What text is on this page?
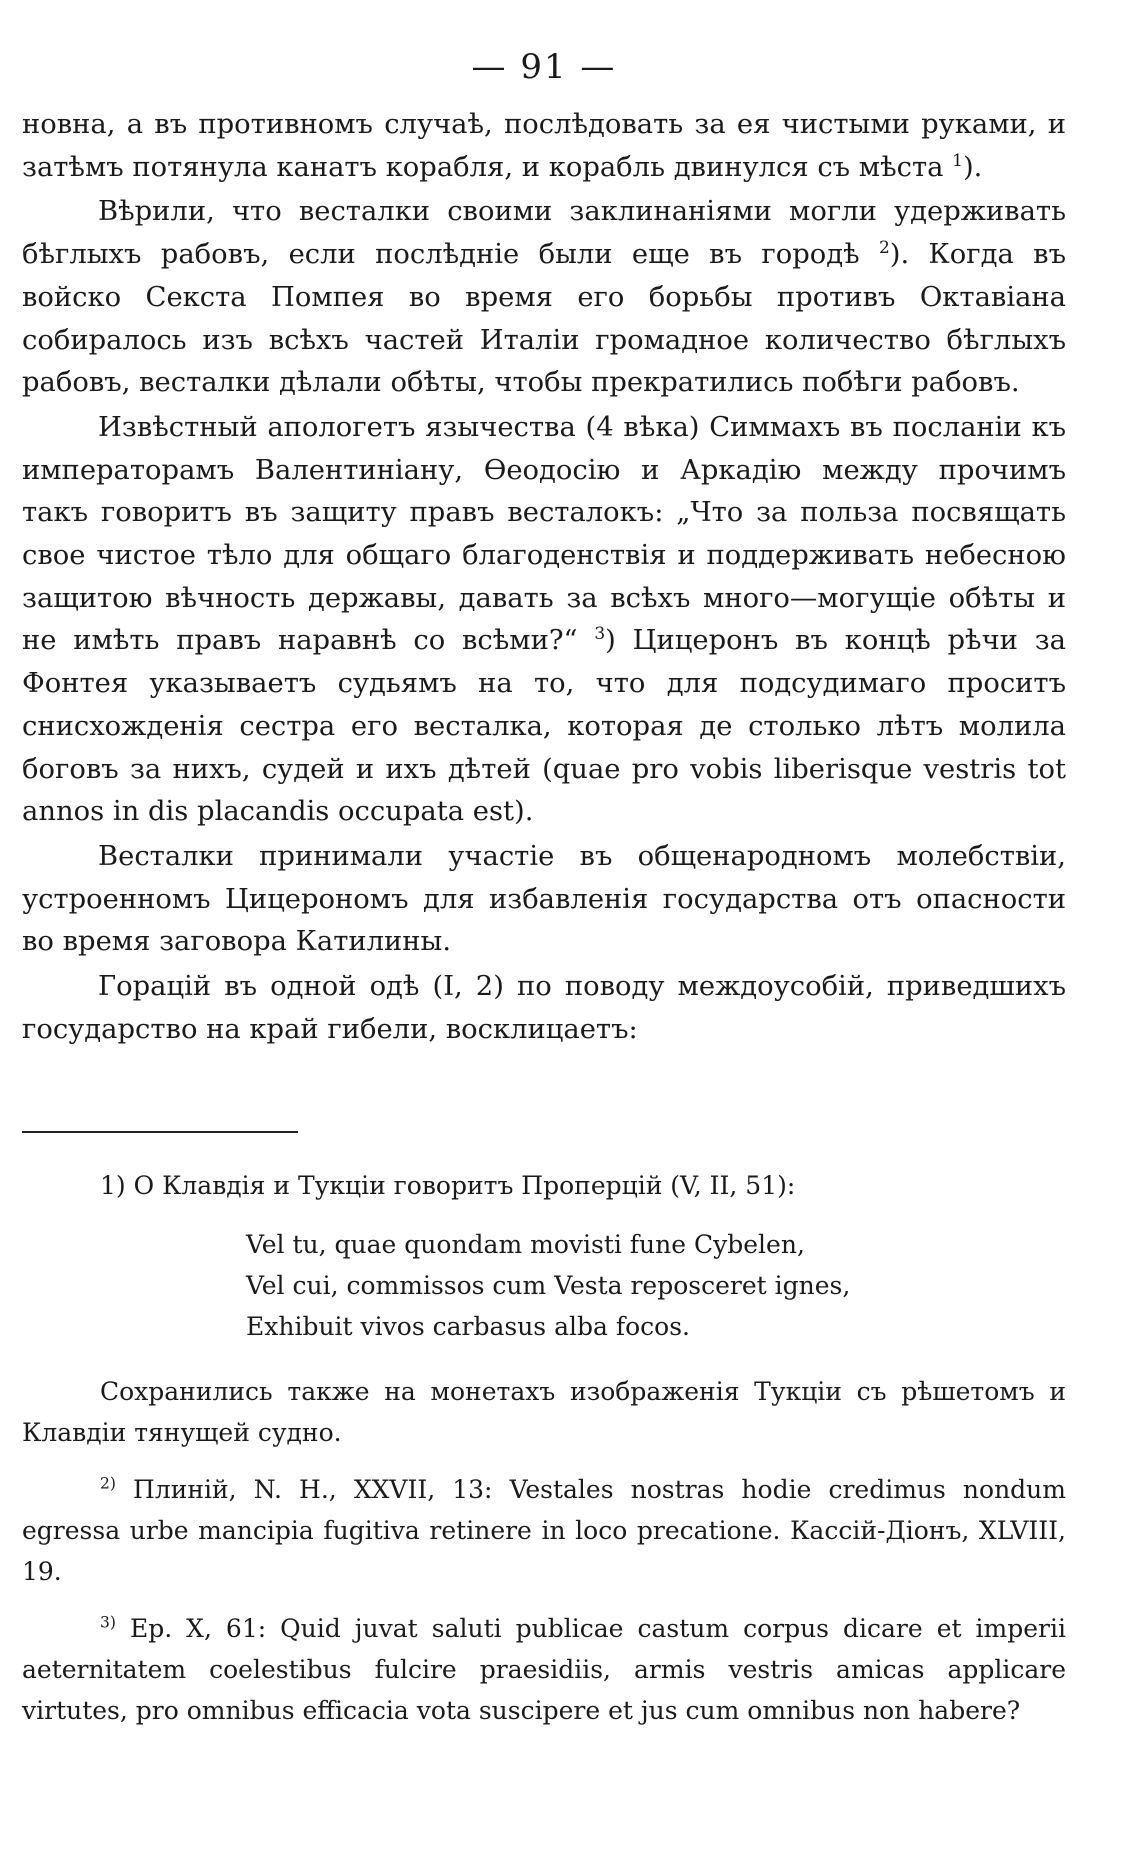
— 91 —

новна, а въ противномъ случаѣ, послѣдовать за ея чистыми руками, и затѣмъ потянула канатъ корабля, и корабль двинулся съ мѣста $^1$).

Вѣрили, что весталки своими заклинаніями могли удерживать бѣглыхъ рабовъ, если послѣдніе были еще въ городѣ $^2$). Когда въ войско Секста Помпея во время его борьбы противъ Октавіана собиралось изъ всѣхъ частей Италіи громадное количество бѣглыхъ рабовъ, весталки дѣлали обѣты, чтобы прекратились побѣги рабовъ.

Извѣстный апологетъ язычества (4 вѣка) Симмахъ въ посланіи къ императорамъ Валентиніану, Ѳеодосію и Аркадію между прочимъ такъ говоритъ въ защиту правъ весталокъ: „Что за польза посвящать свое чистое тѣло для общаго благоденствія и поддерживать небесною защитою вѣчность державы, давать за всѣхъ много—могущіе обѣты и не имѣть правъ наравнѣ со всѣми?“ $^3$) Цицеронъ въ концѣ рѣчи за Фонтея указываетъ судьямъ на то, что для подсудимаго проситъ снисхожденія сестра его весталка, которая де столько лѣтъ молила боговъ за нихъ, судей и ихъ дѣтей (quae pro vobis liberisque vestris tot annos in dis placandis occupata est).

Весталки принимали участіе въ общенародномъ молебствіи, устроенномъ Цицерономъ для избавленія государства отъ опасности во время заговора Катилины.

Горацій въ одной одѣ (I, 2) по поводу междоусобій, приведшихъ государство на край гибели, восклицаетъ:

1) О Клавдія и Тукціи говоритъ Проперцій (V, II, 51):

Vel tu, quae quondam movisti fune Cybelen,
Vel cui, commissos cum Vesta reposceret ignes,
Exhibuit vivos carbasus alba focos.

Сохранились также на монетахъ изображенія Тукціи съ рѣшетомъ и Клавдіи тянущей судно.

$^{2)}$ Плиній, N. H., XXVII, 13: Vestales nostras hodie credimus nondum egressa urbe mancipia fugitiva retinere in loco precatione. Кассій-Діонъ, XLVIII, 19.

$^{3)}$ Ep. X, 61: Quid juvat saluti publicae castum corpus dicare et imperii aeternitatem coelestibus fulcire praesidiis, armis vestris amicas applicare virtutes, pro omnibus efficacia vota suscipere et jus cum omnibus non habere?
